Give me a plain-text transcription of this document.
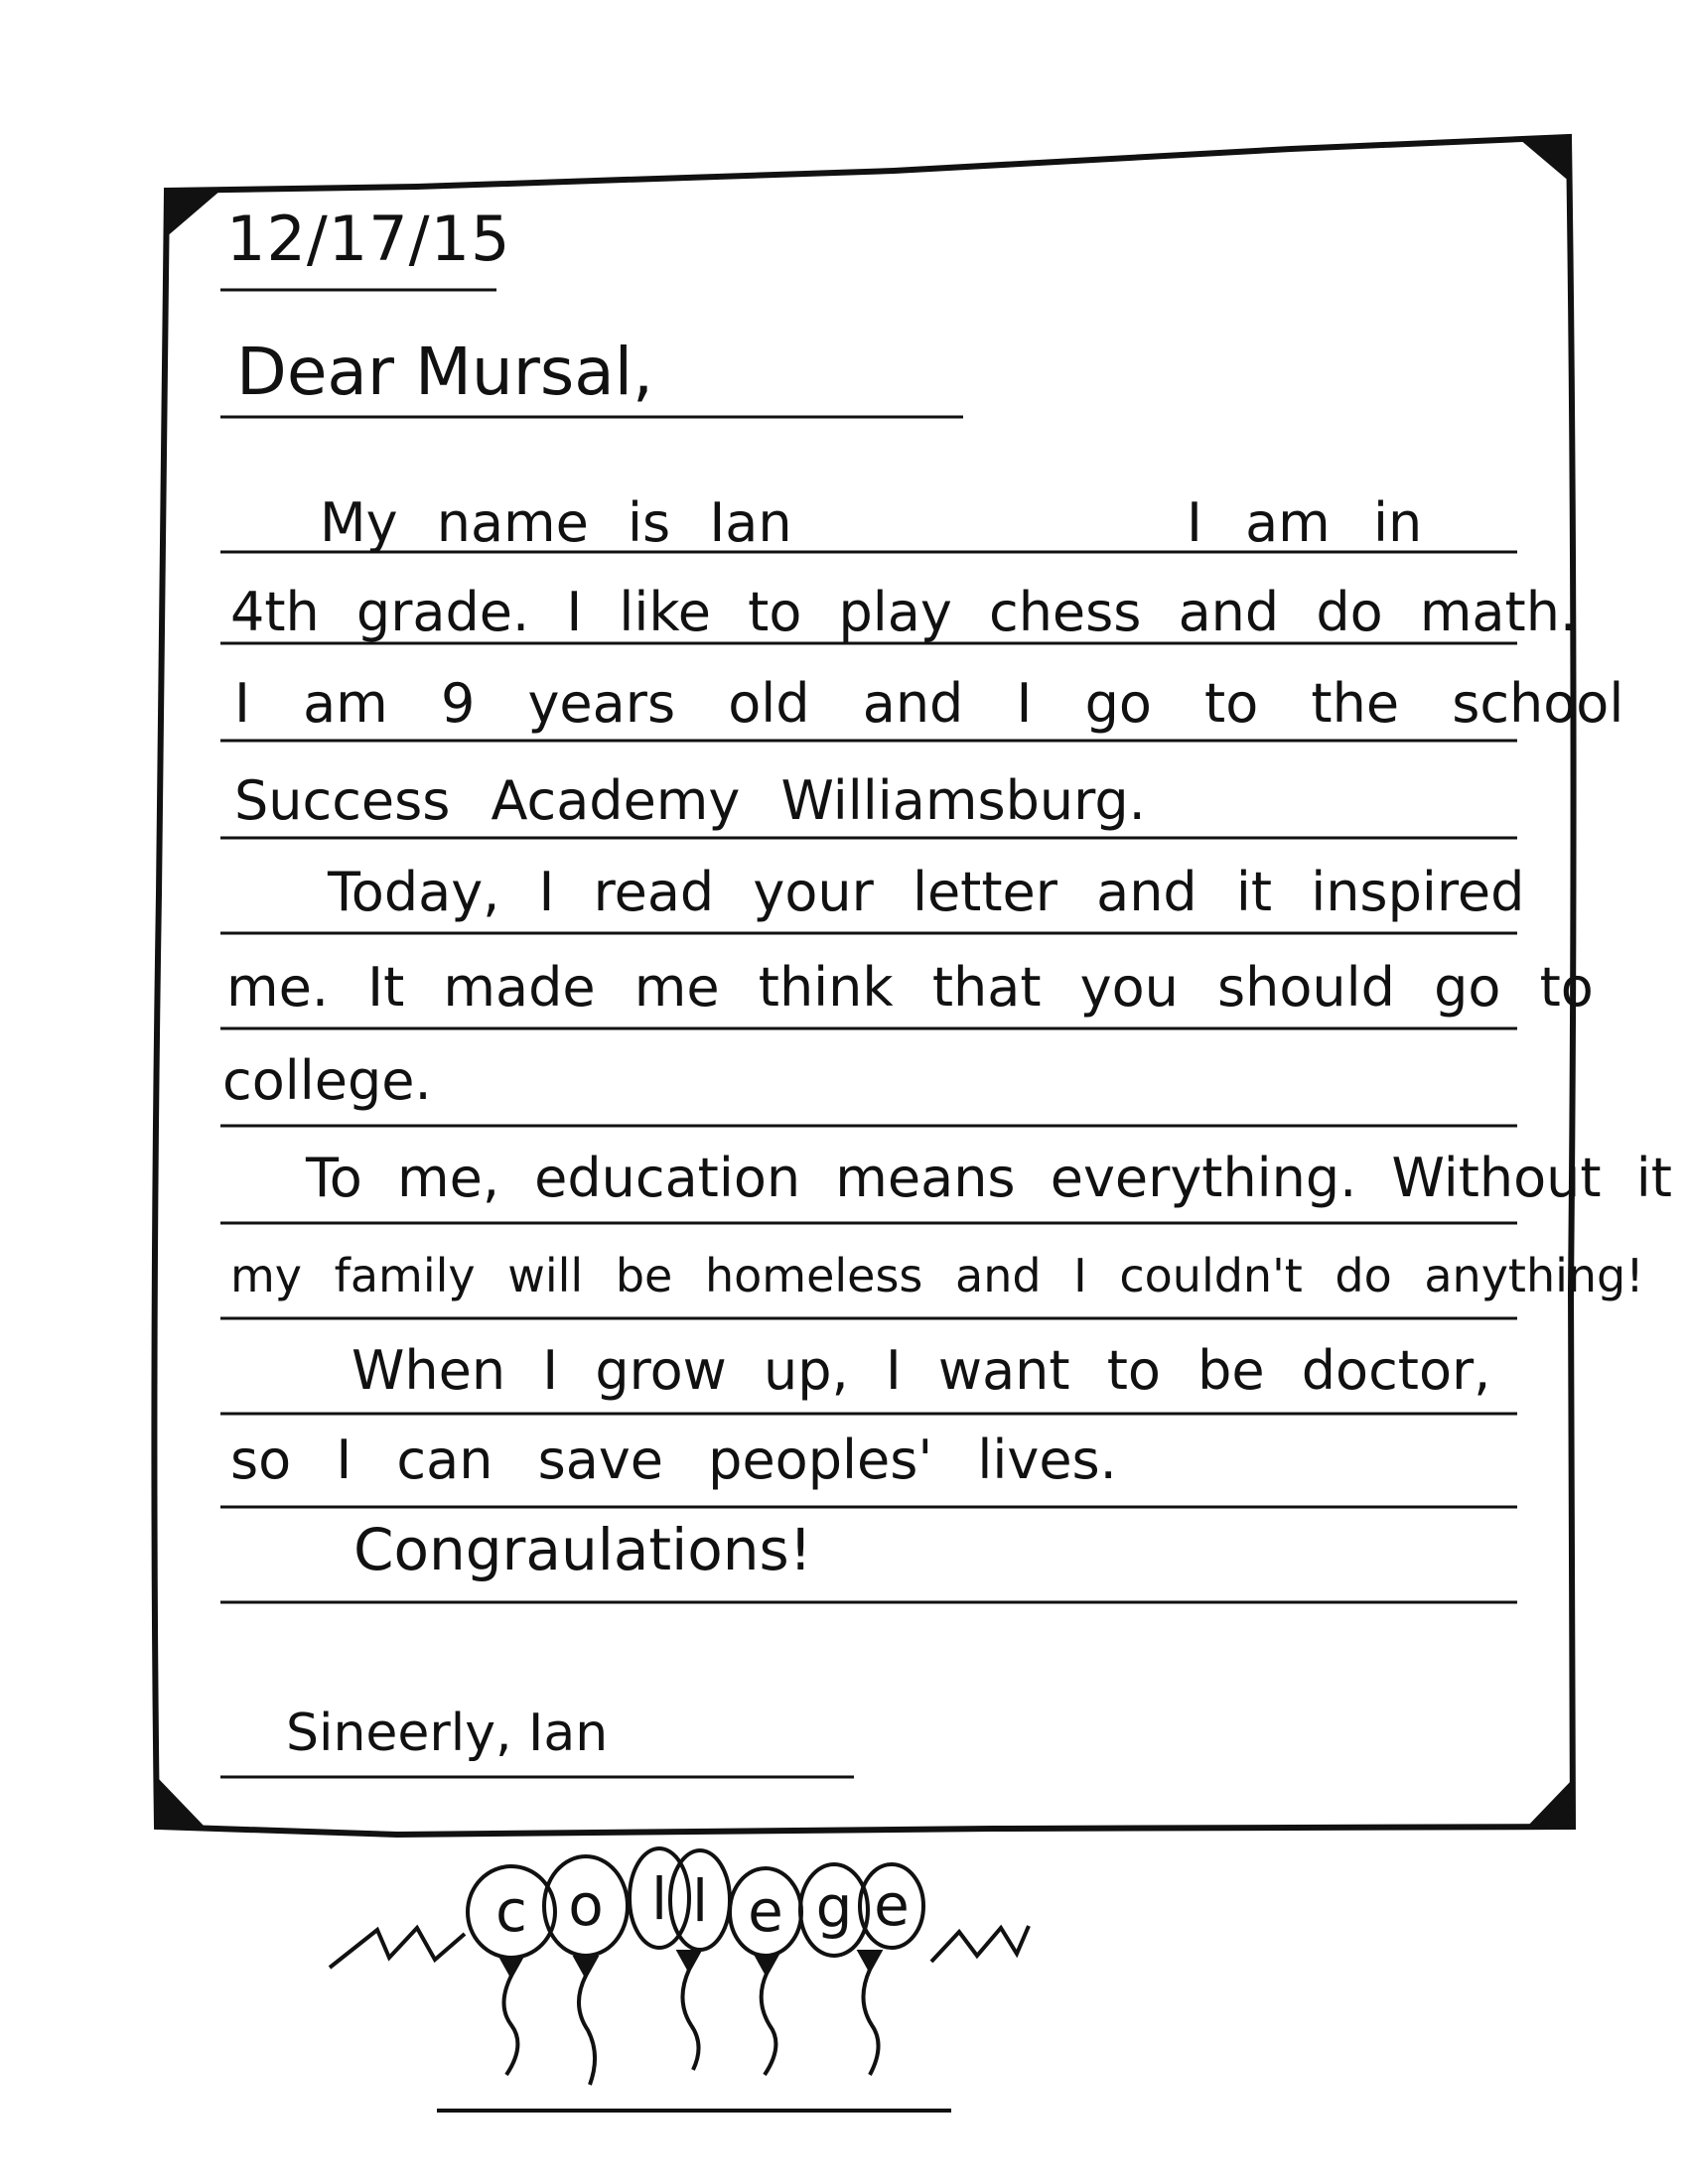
12/17/15
Dear Mursal,
My name is Ian	I am in
4th grade. I like to play chess and do math.
I am 9 years old and I go to the school
Success Academy Williamsburg.
Today, I read your letter and it inspired
me. It made me think that you should go to
college.
To me, education means everything. Without it
my family will be homeless and I couldn't do anything!
When I grow up, I want to be doctor,
so I can save peoples' lives.
Congraulations!
Sineerly, Ian
c o l l e g e
